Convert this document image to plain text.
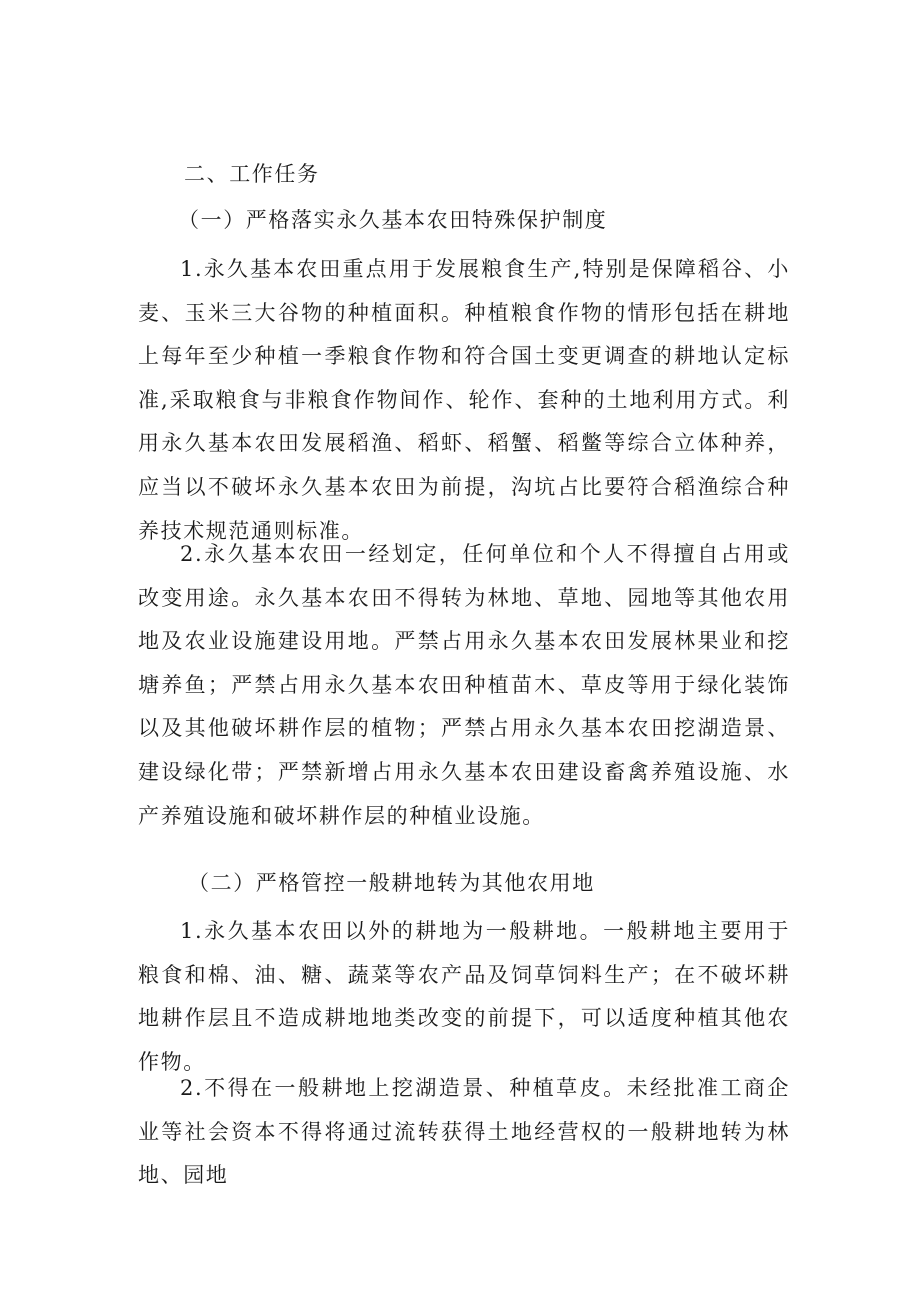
二、工作任务

（一）严格落实永久基本农田特殊保护制度

1.永久基本农田重点用于发展粮食生产,特别是保障稻谷、小麦、玉米三大谷物的种植面积。种植粮食作物的情形包括在耕地上每年至少种植一季粮食作物和符合国土变更调查的耕地认定标准,采取粮食与非粮食作物间作、轮作、套种的土地利用方式。利用永久基本农田发展稻渔、稻虾、稻蟹、稻鳖等综合立体种养，应当以不破坏永久基本农田为前提，沟坑占比要符合稻渔综合种养技术规范通则标准。

2.永久基本农田一经划定，任何单位和个人不得擅自占用或改变用途。永久基本农田不得转为林地、草地、园地等其他农用地及农业设施建设用地。严禁占用永久基本农田发展林果业和挖塘养鱼；严禁占用永久基本农田种植苗木、草皮等用于绿化装饰以及其他破坏耕作层的植物；严禁占用永久基本农田挖湖造景、建设绿化带；严禁新增占用永久基本农田建设畜禽养殖设施、水产养殖设施和破坏耕作层的种植业设施。

（二）严格管控一般耕地转为其他农用地

1.永久基本农田以外的耕地为一般耕地。一般耕地主要用于粮食和棉、油、糖、蔬菜等农产品及饲草饲料生产；在不破坏耕地耕作层且不造成耕地地类改变的前提下，可以适度种植其他农作物。

2.不得在一般耕地上挖湖造景、种植草皮。未经批准工商企业等社会资本不得将通过流转获得土地经营权的一般耕地转为林地、园地
